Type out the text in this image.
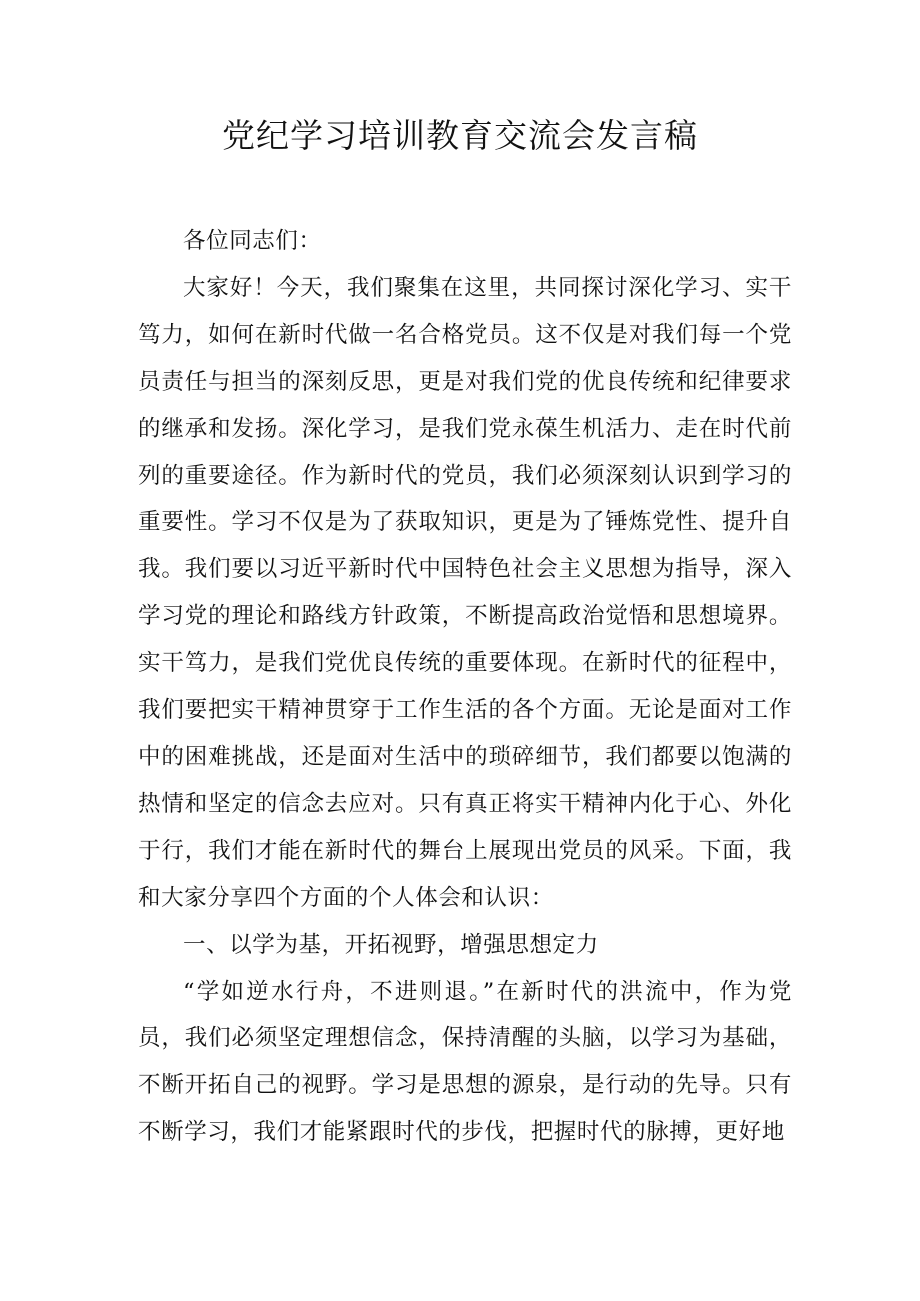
党纪学习培训教育交流会发言稿

各位同志们：

大家好！今天，我们聚集在这里，共同探讨深化学习、实干笃力，如何在新时代做一名合格党员。这不仅是对我们每一个党员责任与担当的深刻反思，更是对我们党的优良传统和纪律要求的继承和发扬。深化学习，是我们党永葆生机活力、走在时代前列的重要途径。作为新时代的党员，我们必须深刻认识到学习的重要性。学习不仅是为了获取知识，更是为了锤炼党性、提升自我。我们要以习近平新时代中国特色社会主义思想为指导，深入学习党的理论和路线方针政策，不断提高政治觉悟和思想境界。实干笃力，是我们党优良传统的重要体现。在新时代的征程中，我们要把实干精神贯穿于工作生活的各个方面。无论是面对工作中的困难挑战，还是面对生活中的琐碎细节，我们都要以饱满的热情和坚定的信念去应对。只有真正将实干精神内化于心、外化于行，我们才能在新时代的舞台上展现出党员的风采。下面，我和大家分享四个方面的个人体会和认识：

一、以学为基，开拓视野，增强思想定力

“学如逆水行舟，不进则退。”在新时代的洪流中，作为党员，我们必须坚定理想信念，保持清醒的头脑，以学习为基础，不断开拓自己的视野。学习是思想的源泉，是行动的先导。只有不断学习，我们才能紧跟时代的步伐，把握时代的脉搏，更好地
